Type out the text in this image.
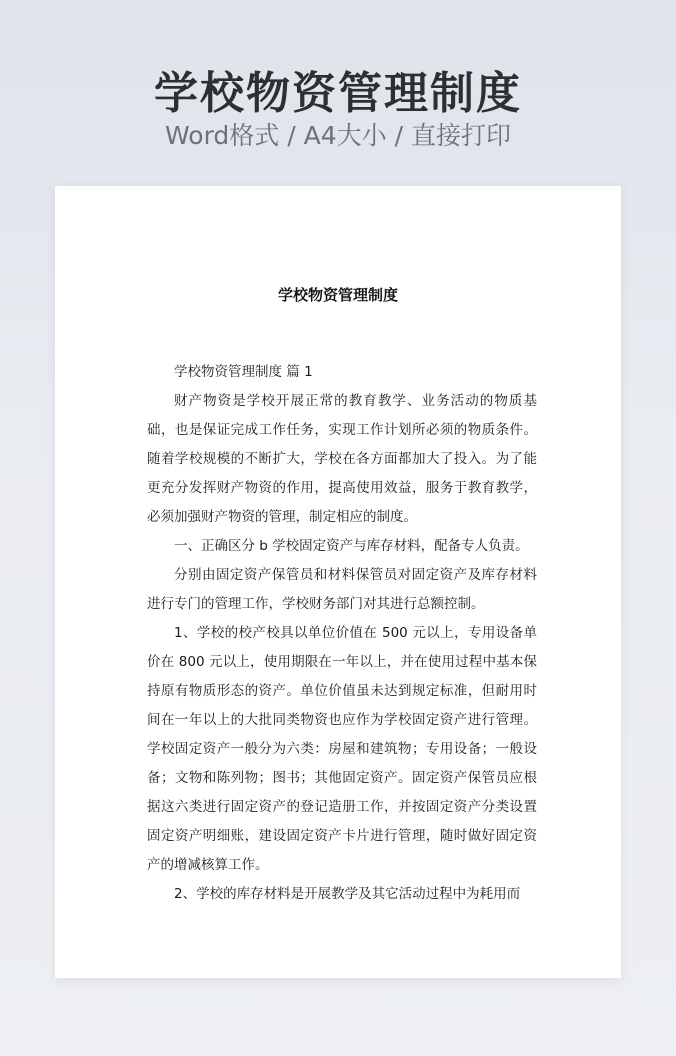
学校物资管理制度
Word格式 / A4大小 / 直接打印
学校物资管理制度

学校物资管理制度 篇 1

财产物资是学校开展正常的教育教学、业务活动的物质基础，也是保证完成工作任务，实现工作计划所必须的物质条件。随着学校规模的不断扩大，学校在各方面都加大了投入。为了能更充分发挥财产物资的作用，提高使用效益，服务于教育教学，必须加强财产物资的管理，制定相应的制度。

一、正确区分 b 学校固定资产与库存材料，配备专人负责。

分别由固定资产保管员和材料保管员对固定资产及库存材料进行专门的管理工作，学校财务部门对其进行总额控制。

1、学校的校产校具以单位价值在 500 元以上，专用设备单价在 800 元以上，使用期限在一年以上，并在使用过程中基本保持原有物质形态的资产。单位价值虽未达到规定标准，但耐用时间在一年以上的大批同类物资也应作为学校固定资产进行管理。学校固定资产一般分为六类：房屋和建筑物；专用设备；一般设备；文物和陈列物；图书；其他固定资产。固定资产保管员应根据这六类进行固定资产的登记造册工作，并按固定资产分类设置固定资产明细账，建设固定资产卡片进行管理，随时做好固定资产的增减核算工作。

2、学校的库存材料是开展教学及其它活动过程中为耗用而
